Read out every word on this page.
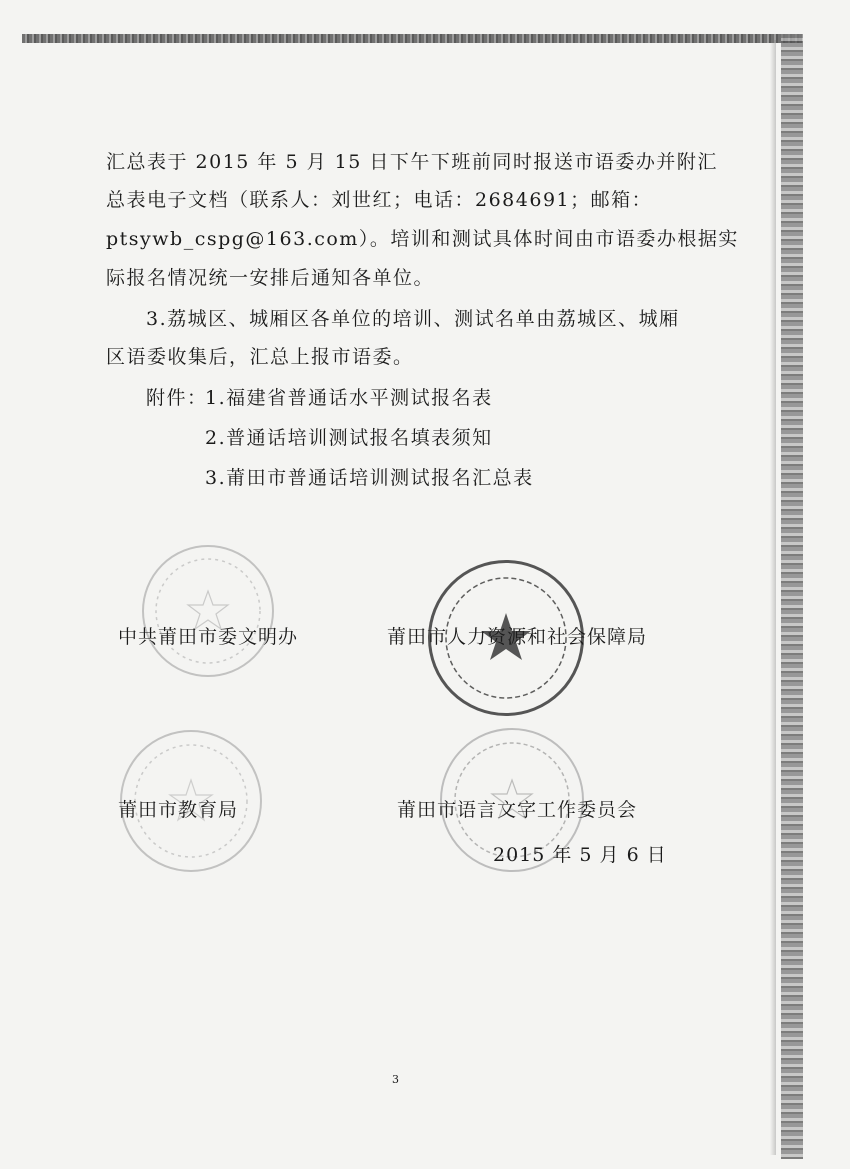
汇总表于 2015 年 5 月 15 日下午下班前同时报送市语委办并附汇
总表电子文档（联系人：刘世红；电话：2684691；邮箱：
ptsywb_cspg@163.com）。培训和测试具体时间由市语委办根据实
际报名情况统一安排后通知各单位。
3.荔城区、城厢区各单位的培训、测试名单由荔城区、城厢
区语委收集后，汇总上报市语委。
附件：
1.福建省普通话水平测试报名表
2.普通话培训测试报名填表须知
3.莆田市普通话培训测试报名汇总表
中共莆田市委文明办	莆田市人力资源和社会保障局
莆田市教育局	莆田市语言文字工作委员会
2015 年 5 月 6 日
3
